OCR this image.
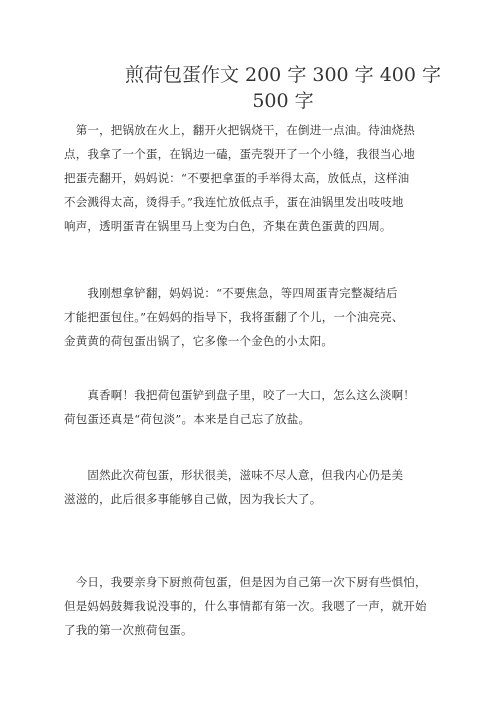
煎荷包蛋作文 200 字 300 字 400 字 500 字
　第一，把锅放在火上，翻开火把锅烧干，在倒进一点油。待油烧热
点，我拿了一个蛋，在锅边一磕，蛋壳裂开了一个小缝，我很当心地
把蛋壳翻开，妈妈说：“不要把拿蛋的手举得太高，放低点，这样油
不会溅得太高，烫得手。”我连忙放低点手，蛋在油锅里发出吱吱地
响声，透明蛋青在锅里马上变为白色，齐集在黄色蛋黄的四周。
　　我刚想拿铲翻，妈妈说：“不要焦急，等四周蛋青完整凝结后
才能把蛋包住。”在妈妈的指导下，我将蛋翻了个儿，一个油亮亮、
金黄黄的荷包蛋出锅了，它多像一个金色的小太阳。
　　真香啊！我把荷包蛋铲到盘子里，咬了一大口，怎么这么淡啊！
荷包蛋还真是“荷包淡”。本来是自己忘了放盐。
　　固然此次荷包蛋，形状很美，滋味不尽人意，但我内心仍是美
滋滋的，此后很多事能够自己做，因为我长大了。
　今日，我要亲身下厨煎荷包蛋，但是因为自己第一次下厨有些惧怕，
但是妈妈鼓舞我说没事的，什么事情都有第一次。我嗯了一声，就开始
了我的第一次煎荷包蛋。
